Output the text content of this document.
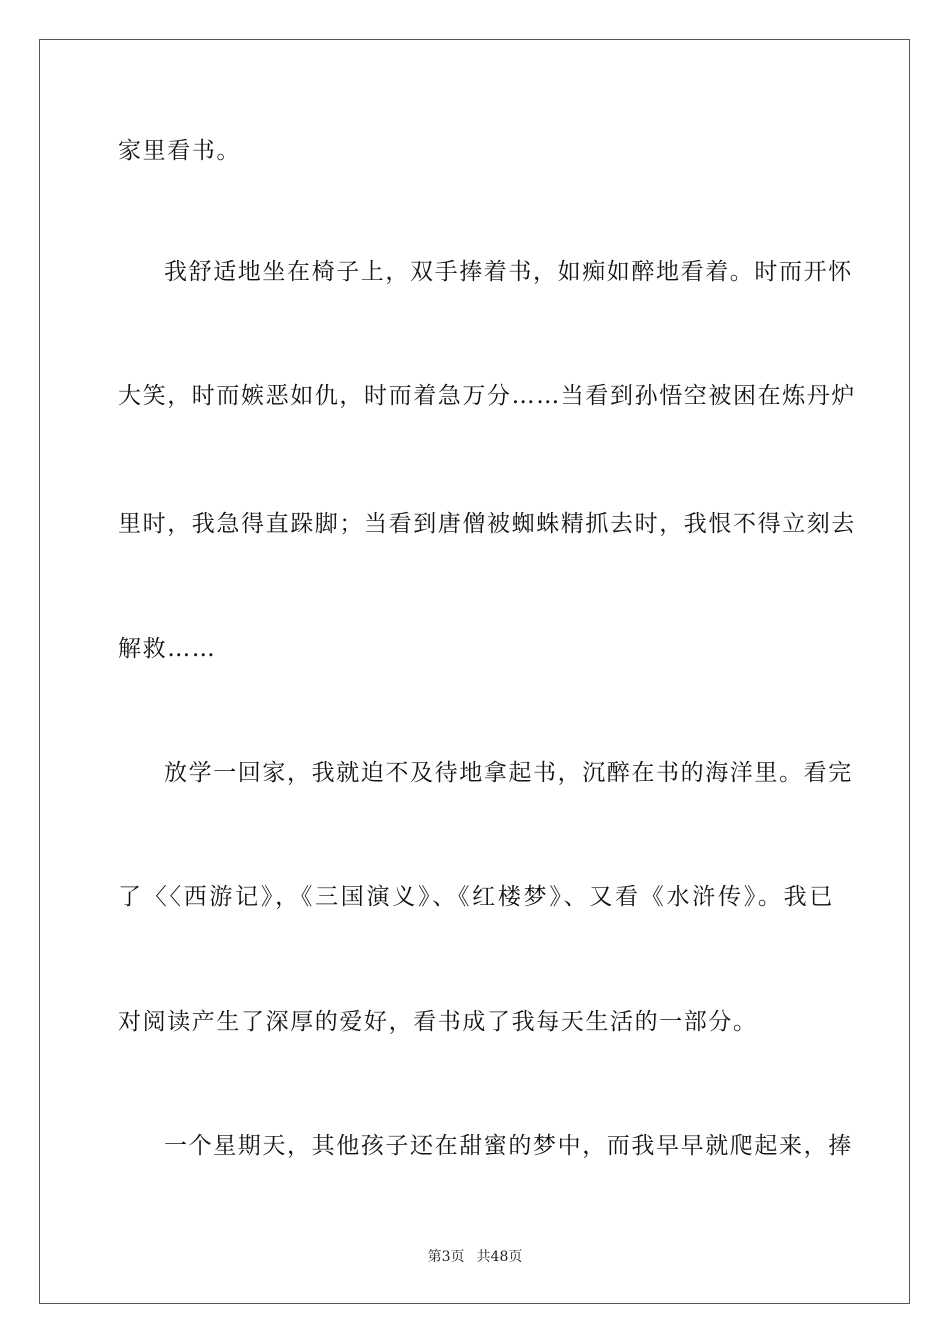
家里看书。
我舒适地坐在椅子上，双手捧着书，如痴如醉地看着。时而开怀
大笑，时而嫉恶如仇，时而着急万分……当看到孙悟空被困在炼丹炉
里时，我急得直跺脚；当看到唐僧被蜘蛛精抓去时，我恨不得立刻去
解救……
放学一回家，我就迫不及待地拿起书，沉醉在书的海洋里。看完
了〈〈西游记》，《三国演义》、《红楼梦》、又看《水浒传》。我已
对阅读产生了深厚的爱好，看书成了我每天生活的一部分。
一个星期天，其他孩子还在甜蜜的梦中，而我早早就爬起来，捧
第3页 共48页
